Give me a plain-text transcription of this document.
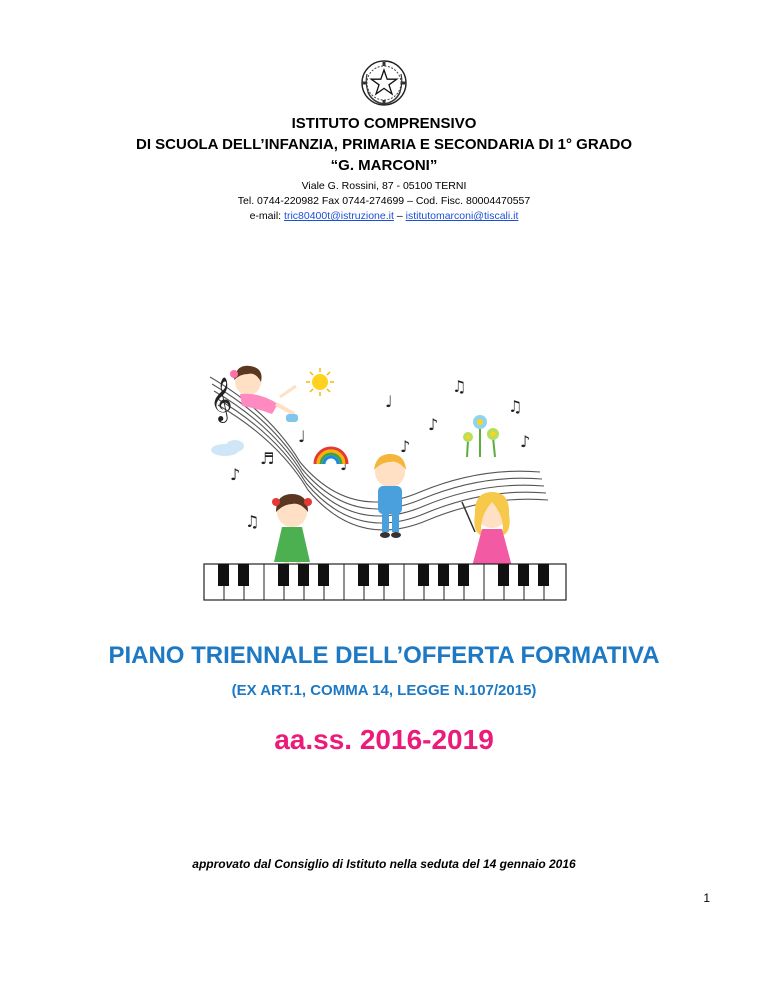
ISTITUTO COMPRENSIVO

DI SCUOLA DELL’INFANZIA, PRIMARIA E SECONDARIA DI 1° GRADO

“G. MARCONI”

Viale G. Rossini, 87 - 05100 TERNI

Tel. 0744-220982 Fax 0744-274699 – Cod. Fisc. 80004470557

e-mail: tric80400t@istruzione.it – istitutomarconi@tiscali.it

𝄞	♩
♪
♫
♪
♬
♩
♫
♪	♪
♫
♩

PIANO TRIENNALE DELL’OFFERTA FORMATIVA

(EX ART.1, COMMA 14, LEGGE N.107/2015)

aa.ss. 2016-2019

approvato dal Consiglio di Istituto nella seduta del 14 gennaio 2016

1
